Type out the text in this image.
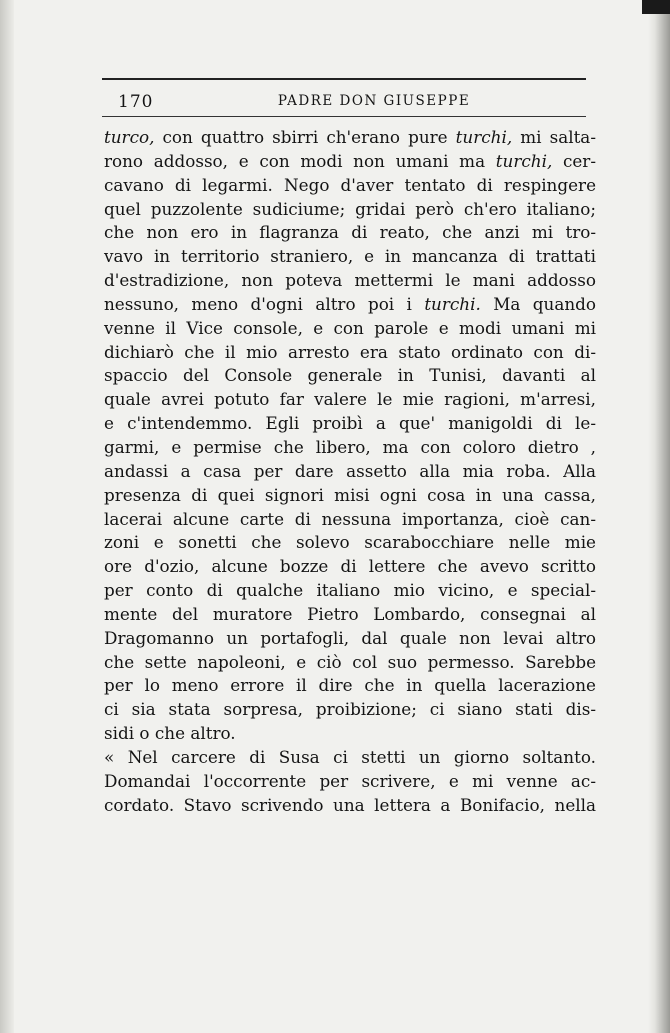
170	PADRE DON GIUSEPPE
turco, con quattro sbirri ch'erano pure turchi, mi salta-
rono addosso, e con modi non umani ma turchi, cer-
cavano di legarmi. Nego d'aver tentato di respingere
quel puzzolente sudiciume; gridai però ch'ero italiano;
che non ero in flagranza di reato, che anzi mi tro-
vavo in territorio straniero, e in mancanza di trattati
d'estradizione, non poteva mettermi le mani addosso
nessuno, meno d'ogni altro poi i turchi. Ma quando
venne il Vice console, e con parole e modi umani mi
dichiarò che il mio arresto era stato ordinato con di-
spaccio del Console generale in Tunisi, davanti al
quale avrei potuto far valere le mie ragioni, m'arresi,
e c'intendemmo. Egli proibì a que' manigoldi di le-
garmi, e permise che libero, ma con coloro dietro ,
andassi a casa per dare assetto alla mia roba. Alla
presenza di quei signori misi ogni cosa in una cassa,
lacerai alcune carte di nessuna importanza, cioè can-
zoni e sonetti che solevo scarabocchiare nelle mie
ore d'ozio, alcune bozze di lettere che avevo scritto
per conto di qualche italiano mio vicino, e special-
mente del muratore Pietro Lombardo, consegnai al
Dragomanno un portafogli, dal quale non levai altro
che sette napoleoni, e ciò col suo permesso. Sarebbe
per lo meno errore il dire che in quella lacerazione
ci sia stata sorpresa, proibizione; ci siano stati dis-
sidi o che altro.
« Nel carcere di Susa ci stetti un giorno soltanto.
Domandai l'occorrente per scrivere, e mi venne ac-
cordato. Stavo scrivendo una lettera a Bonifacio, nella
